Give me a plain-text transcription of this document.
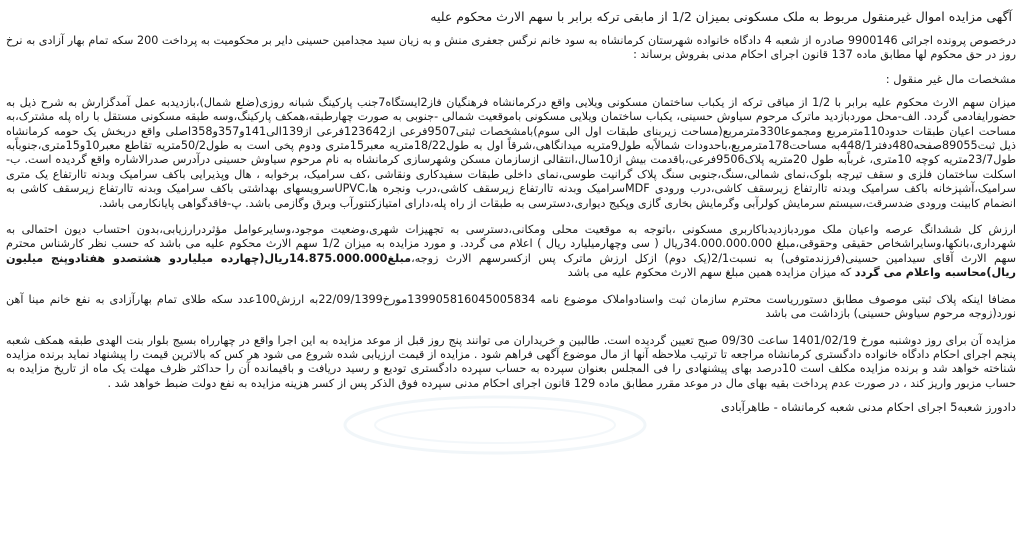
آگهی مزایده اموال غیرمنقول مربوط به ملک مسکونی بمیزان 1/2 از مابقی ترکه برابر با سهم الارث محکوم علیه
درخصوص پرونده اجرائی 9900146 صادره از شعبه 4 دادگاه خانواده شهرستان کرمانشاه به سود خانم نرگس جعفری منش و به زیان سید مجدامین حسینی دایر بر محکومیت به پرداخت 200 سکه تمام بهار آزادی به نرخ روز در حق محکوم لها مطابق ماده 137 قانون اجرای احکام مدنی بفروش برساند :
مشخصات مال غیر منقول :
میزان سهم الارث محکوم علیه برابر با 1/2 از میاقی ترکه از یکباب ساختمان مسکونی ویلایی واقع درکرمانشاه فرهنگیان فاز2ایستگاه7جنب پارکینگ شبانه روزی(ضلع شمال)،بازدیدبه عمل آمدگزارش به شرح ذیل به حضورایفادمی گردد. الف-محل موردبازدید ماترک مرحوم سیاوش حسینی، یکباب ساختمان ویلایی مسکونی باموقعیت شمالی -جنوبی به صورت چهارطبقه،همکف پارکینگ،وسه طبقه مسکونی مستقل با راه پله مشترک،به مساحت اعیان طبقات حدود110مترمربع ومجموعا330مترمربع(مساحت زیربنای طبقات اول الی سوم)بامشخصات ثبتی9507فرعی از123642فرعی از139الی141و357و358اصلی واقع دربخش یک حومه کرمانشاه ذیل ثبت89055صفحه480دفتر448/1به مساحت178مترمربع،باحدودات شمالاًبه طول9متریه میدانگاهی،شرقاً اول به طول18/22متریه معبر15متری ودوم پخی است به طول50/2متریه تقاطع معبر10و15متری،جنوباًبه طول23/7متریه کوچه 10متری، غرباًبه طول 20متریه پلاک9506فرعی،باقدمت بیش از10سال،انتقالی ازسازمان مسکن وشهرسازی کرمانشاه به نام مرحوم سیاوش حسینی درآدرس صدرالاشاره واقع گردیده است. ب-اسکلت ساختمان فلزی و سقف تیرچه بلوک،نمای شمالی،سنگ،جنوبی سنگ پلاک گرانیت طوسی،نمای داخلی طبقات سفیدکاری ونقاشی ،کف سرامیک، برخوابه ، هال وپذیرایی باکف سرامیک وبدنه تاارتفاع یک متری سرامیک،آشپزخانه باکف سرامیک وبدنه تاارتفاع زیرسقف کاشی،درب ورودی MDFسرامیک وبدنه تاارتفاع زیرسقف کاشی،درب ونجره ها،UPVCسرویسهای بهداشتی باکف سرامیک وبدنه تاارتفاع زیرسقف کاشی به انضمام کابینت ورودی ضدسرقت،سیستم سرمایش کولرآبی وگرمایش بخاری گازی وپکیج دیواری،دسترسی به طبقات از راه پله،دارای امتیازکنتورآب وبرق وگازمی باشد. پ-فاقدگواهی پایانکارمی باشد.
ارزش کل ششدانگ عرصه واعیان ملک موردبازدیدباکاربری مسکونی ،باتوجه به موقعیت محلی ومکانی،دسترسی به تجهیزات شهری،وضعیت موجود،وسایرعوامل مؤثردرارزیابی،بدون احتساب دیون احتمالی به شهرداری،بانکها،وسایراشخاص حقیقی وحقوقی،مبلغ 34.000.000.000ریال ( سی وچهارمیلیارد ریال ) اعلام می گردد. و مورد مزایده به میزان 1/2 سهم الارث محکوم علیه می باشد که حسب نظر کارشناس محترم سهم الارث آقای سیدامین حسینی(فرزندمتوفی) به نسبت2/1(یک دوم) ازکل ارزش ماترک پس ازکسرسهم الارث زوجه،مبلغ14.875.000.000ریال(چهارده میلیاردو هشتصدو هفتادوپنج میلیون ریال)محاسبه واعلام می گردد که میزان مزایده همین مبلغ سهم الارث محکوم علیه می باشد
مضافا اینکه پلاک ثبتی موصوف مطابق دستورریاست محترم سازمان ثبت واسنادواملاک موضوع نامه 139905816045005834مورخ22/09/1399به ارزش100عدد سکه طلای تمام بهارآزادی به نفع خانم مینا آهن نورد(زوجه مرحوم سیاوش حسینی) بازداشت می باشد
مزایده آن برای روز دوشنبه مورخ 1401/02/19 ساعت 09/30 صبح تعیین گردیده است. طالبین و خریداران می توانند پنج روز قبل از موعد مزایده به این اجرا واقع در چهارراه بسیج بلوار بنت الهدی طبقه همکف شعبه پنجم اجرای احکام دادگاه خانواده دادگستری کرمانشاه مراجعه تا ترتیب ملاحظه آنها از مال موضوع آگهی فراهم شود . مزایده از قیمت ارزیابی شده شروع می شود هر کس که بالاترین قیمت را پیشنهاد نماید برنده مزایده شناخته خواهد شد و برنده مزایده مکلف است 10درصد بهای پیشنهادی را فی المجلس بعنوان سپرده به حساب سپرده دادگستری تودیع و رسید دریافت و باقیمانده آن را حداکثر ظرف مهلت یک ماه از تاریخ مزایده به حساب مزبور واریز کند ، در صورت عدم پرداخت بقیه بهای مال در موعد مقرر مطابق ماده 129 قانون اجرای احکام مدنی سپرده فوق الذکر پس از کسر هزینه مزایده به نفع دولت ضبط خواهد شد .
دادورز شعبه5 اجرای احکام مدنی شعبه کرمانشاه - طاهرآبادی
